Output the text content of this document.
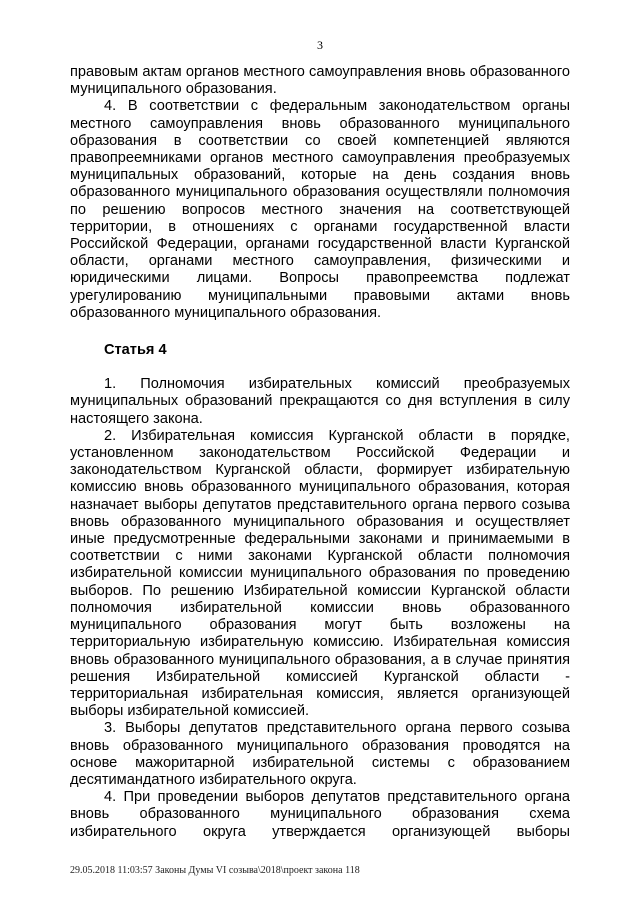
3

правовым актам органов местного самоуправления вновь образованного муниципального образования.

4. В соответствии с федеральным законодательством органы местного самоуправления вновь образованного муниципального образования в соответствии со своей компетенцией являются правопреемниками органов местного самоуправления преобразуемых муниципальных образований, которые на день создания вновь образованного муниципального образования осуществляли полномочия по решению вопросов местного значения на соответствующей территории, в отношениях с органами государственной власти Российской Федерации, органами государственной власти Курганской области, органами местного самоуправления, физическими и юридическими лицами. Вопросы правопреемства подлежат урегулированию муниципальными правовыми актами вновь образованного муниципального образования.

Статья 4

1. Полномочия избирательных комиссий преобразуемых муниципальных образований прекращаются со дня вступления в силу настоящего закона.

2. Избирательная комиссия Курганской области в порядке, установленном законодательством Российской Федерации и законодательством Курганской области, формирует избирательную комиссию вновь образованного муниципального образования, которая назначает выборы депутатов представительного органа первого созыва вновь образованного муниципального образования и осуществляет иные предусмотренные федеральными законами и принимаемыми в соответствии с ними законами Курганской области полномочия избирательной комиссии муниципального образования по проведению выборов. По решению Избирательной комиссии Курганской области полномочия избирательной комиссии вновь образованного муниципального образования могут быть возложены на территориальную избирательную комиссию. Избирательная комиссия вновь образованного муниципального образования, а в случае принятия решения Избирательной комиссией Курганской области - территориальная избирательная комиссия, является организующей выборы избирательной комиссией.

3. Выборы депутатов представительного органа первого созыва вновь образованного муниципального образования проводятся на основе мажоритарной избирательной системы с образованием десятимандатного избирательного округа.

4. При проведении выборов депутатов представительного органа вновь образованного муниципального образования схема избирательного округа утверждается организующей выборы

29.05.2018 11:03:57 Законы Думы VI созыва\2018\проект закона 118
